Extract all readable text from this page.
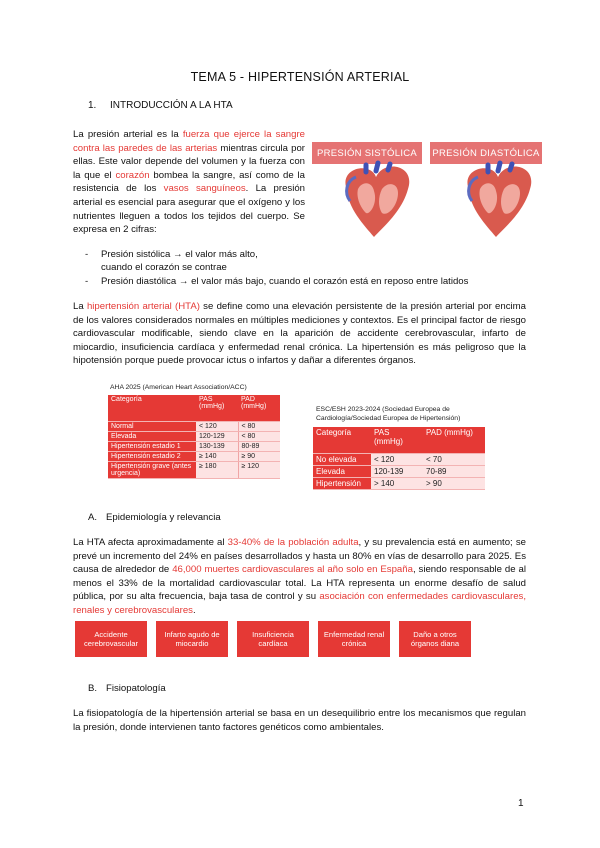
TEMA 5 - HIPERTENSIÓN ARTERIAL
1. INTRODUCCIÓN A LA HTA
La presión arterial es la fuerza que ejerce la sangre contra las paredes de las arterias mientras circula por ellas. Este valor depende del volumen y la fuerza con la que el corazón bombea la sangre, así como de la resistencia de los vasos sanguíneos. La presión arterial es esencial para asegurar que el oxígeno y los nutrientes lleguen a todos los tejidos del cuerpo. Se expresa en 2 cifras:
PRESIÓN SISTÓLICA	PRESIÓN DIASTÓLICA
-	Presión sistólica → el valor más alto,
cuando el corazón se contrae
-	Presión diastólica → el valor más bajo, cuando el corazón está en reposo entre latidos
La hipertensión arterial (HTA) se define como una elevación persistente de la presión arterial por encima de los valores considerados normales en múltiples mediciones y contextos. Es el principal factor de riesgo cardiovascular modificable, siendo clave en la aparición de accidente cerebrovascular, infarto de miocardio, insuficiencia cardíaca y enfermedad renal crónica. La hipertensión es más peligroso que la hipotensión porque puede provocar ictus o infartos y dañar a diferentes órganos.
AHA 2025 (American Heart Association/ACC)
Categoría	PAS (mmHg)	PAD (mmHg)
Normal	< 120	< 80
Elevada	120-129	< 80
Hipertensión estadio 1	130-139	80-89
Hipertensión estadio 2	≥ 140	≥ 90
Hipertensión grave (antes urgencia)	≥ 180	≥ 120
ESC/ESH 2023-2024 (Sociedad Europea de Cardiología/Sociedad Europea de Hipertensión)
Categoría	PAS (mmHg)	PAD (mmHg)
No elevada	< 120	< 70
Elevada	120-139	70-89
Hipertensión	> 140	> 90
A. Epidemiología y relevancia
La HTA afecta aproximadamente al 33-40% de la población adulta, y su prevalencia está en aumento; se prevé un incremento del 24% en países desarrollados y hasta un 80% en vías de desarrollo para 2025. Es causa de alrededor de 46,000 muertes cardiovasculares al año solo en España, siendo responsable de al menos el 33% de la mortalidad cardiovascular total. La HTA representa un enorme desafío de salud pública, por su alta frecuencia, baja tasa de control y su asociación con enfermedades cardiovasculares, renales y cerebrovasculares.
Accidente cerebrovascular
Infarto agudo de miocardio
Insuficiencia cardíaca
Enfermedad renal crónica
Daño a otros órganos diana
B. Fisiopatología
La fisiopatología de la hipertensión arterial se basa en un desequilibrio entre los mecanismos que regulan la presión, donde intervienen tanto factores genéticos como ambientales.
1
